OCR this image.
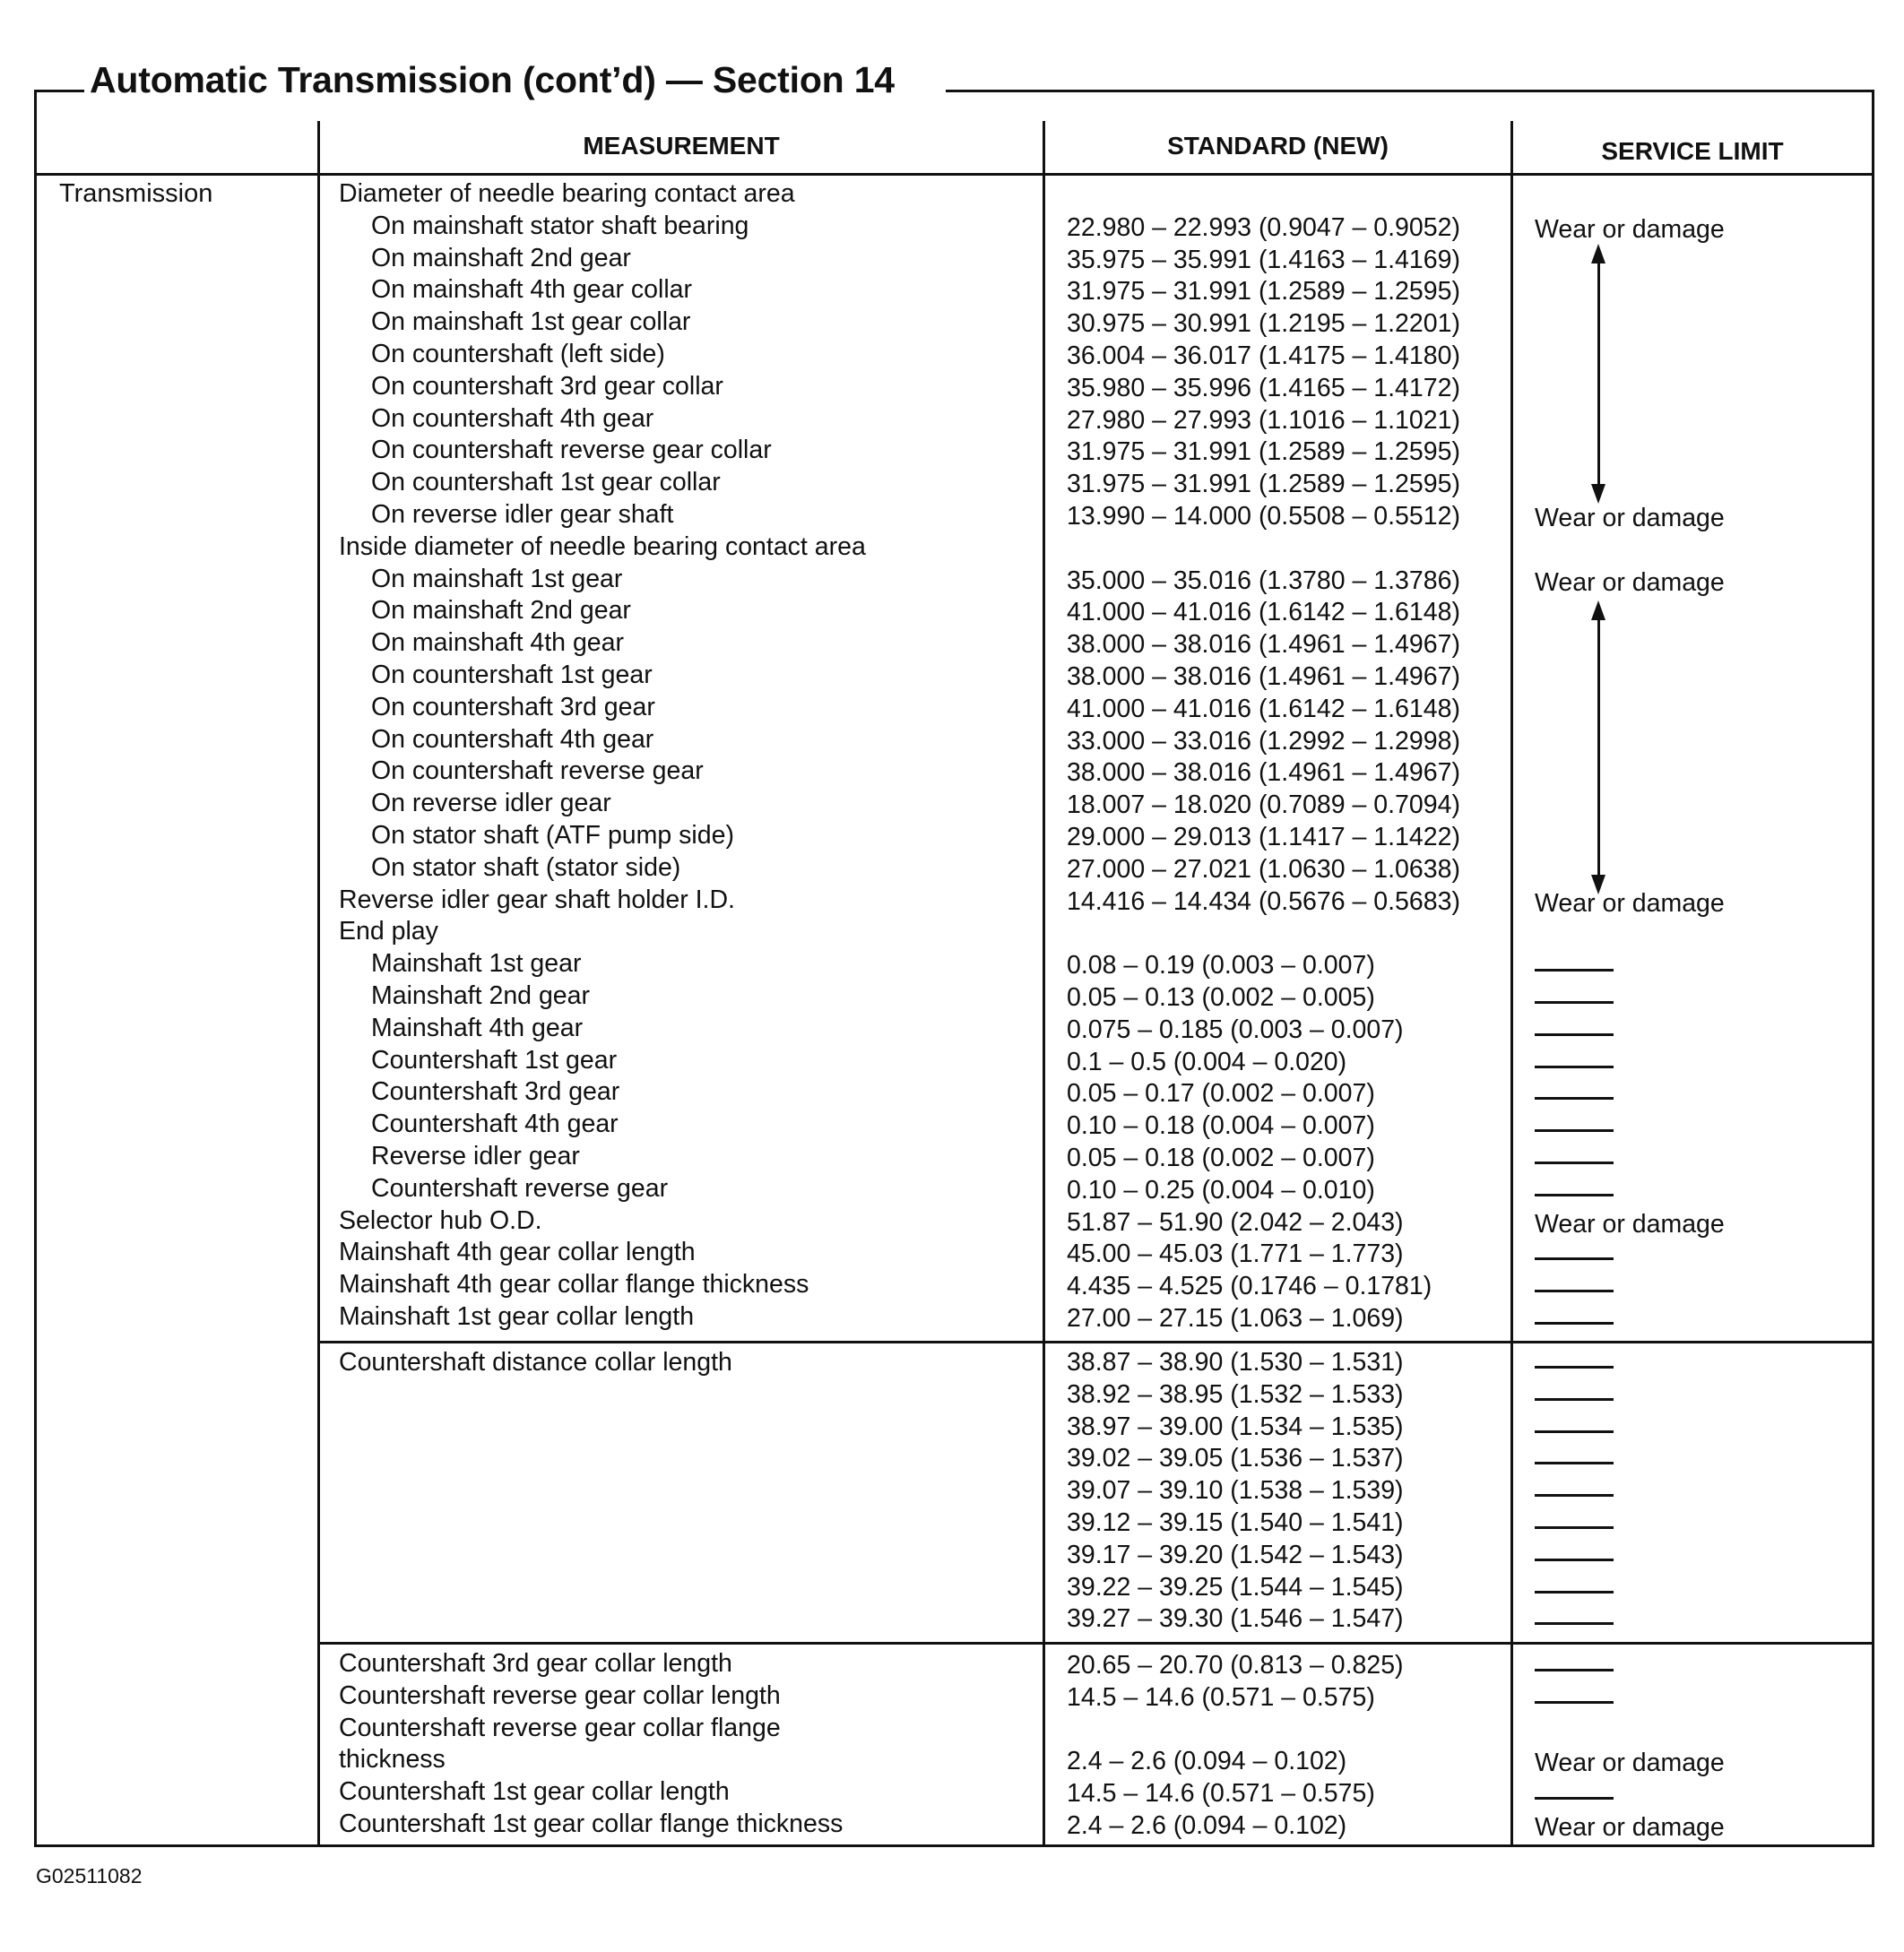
Automatic Transmission (cont’d) — Section 14
MEASUREMENT	STANDARD (NEW)	SERVICE LIMIT
Transmission	Diameter of needle bearing contact area
On mainshaft stator shaft bearing	22.980 – 22.993 (0.9047 – 0.9052)	Wear or damage
On mainshaft 2nd gear	35.975 – 35.991 (1.4163 – 1.4169)
On mainshaft 4th gear collar	31.975 – 31.991 (1.2589 – 1.2595)
On mainshaft 1st gear collar	30.975 – 30.991 (1.2195 – 1.2201)
On countershaft (left side)	36.004 – 36.017 (1.4175 – 1.4180)
On countershaft 3rd gear collar	35.980 – 35.996 (1.4165 – 1.4172)
On countershaft 4th gear	27.980 – 27.993 (1.1016 – 1.1021)
On countershaft reverse gear collar	31.975 – 31.991 (1.2589 – 1.2595)
On countershaft 1st gear collar	31.975 – 31.991 (1.2589 – 1.2595)
On reverse idler gear shaft	13.990 – 14.000 (0.5508 – 0.5512)	Wear or damage
Inside diameter of needle bearing contact area
On mainshaft 1st gear	35.000 – 35.016 (1.3780 – 1.3786)	Wear or damage
On mainshaft 2nd gear	41.000 – 41.016 (1.6142 – 1.6148)
On mainshaft 4th gear	38.000 – 38.016 (1.4961 – 1.4967)
On countershaft 1st gear	38.000 – 38.016 (1.4961 – 1.4967)
On countershaft 3rd gear	41.000 – 41.016 (1.6142 – 1.6148)
On countershaft 4th gear	33.000 – 33.016 (1.2992 – 1.2998)
On countershaft reverse gear	38.000 – 38.016 (1.4961 – 1.4967)
On reverse idler gear	18.007 – 18.020 (0.7089 – 0.7094)
On stator shaft (ATF pump side)	29.000 – 29.013 (1.1417 – 1.1422)
On stator shaft (stator side)	27.000 – 27.021 (1.0630 – 1.0638)
Reverse idler gear shaft holder I.D.	14.416 – 14.434 (0.5676 – 0.5683)	Wear or damage
End play
Mainshaft 1st gear	0.08 – 0.19 (0.003 – 0.007)
Mainshaft 2nd gear	0.05 – 0.13 (0.002 – 0.005)
Mainshaft 4th gear	0.075 – 0.185 (0.003 – 0.007)
Countershaft 1st gear	0.1 – 0.5 (0.004 – 0.020)
Countershaft 3rd gear	0.05 – 0.17 (0.002 – 0.007)
Countershaft 4th gear	0.10 – 0.18 (0.004 – 0.007)
Reverse idler gear	0.05 – 0.18 (0.002 – 0.007)
Countershaft reverse gear	0.10 – 0.25 (0.004 – 0.010)
Selector hub O.D.	51.87 – 51.90 (2.042 – 2.043)	Wear or damage
Mainshaft 4th gear collar length	45.00 – 45.03 (1.771 – 1.773)
Mainshaft 4th gear collar flange thickness	4.435 – 4.525 (0.1746 – 0.1781)
Mainshaft 1st gear collar length	27.00 – 27.15 (1.063 – 1.069)
Countershaft distance collar length	38.87 – 38.90 (1.530 – 1.531)
38.92 – 38.95 (1.532 – 1.533)
38.97 – 39.00 (1.534 – 1.535)
39.02 – 39.05 (1.536 – 1.537)
39.07 – 39.10 (1.538 – 1.539)
39.12 – 39.15 (1.540 – 1.541)
39.17 – 39.20 (1.542 – 1.543)
39.22 – 39.25 (1.544 – 1.545)
39.27 – 39.30 (1.546 – 1.547)
Countershaft 3rd gear collar length	20.65 – 20.70 (0.813 – 0.825)
Countershaft reverse gear collar length	14.5 – 14.6 (0.571 – 0.575)
Countershaft reverse gear collar flange
thickness	2.4 – 2.6 (0.094 – 0.102)	Wear or damage
Countershaft 1st gear collar length	14.5 – 14.6 (0.571 – 0.575)
Countershaft 1st gear collar flange thickness	2.4 – 2.6 (0.094 – 0.102)	Wear or damage
G02511082
